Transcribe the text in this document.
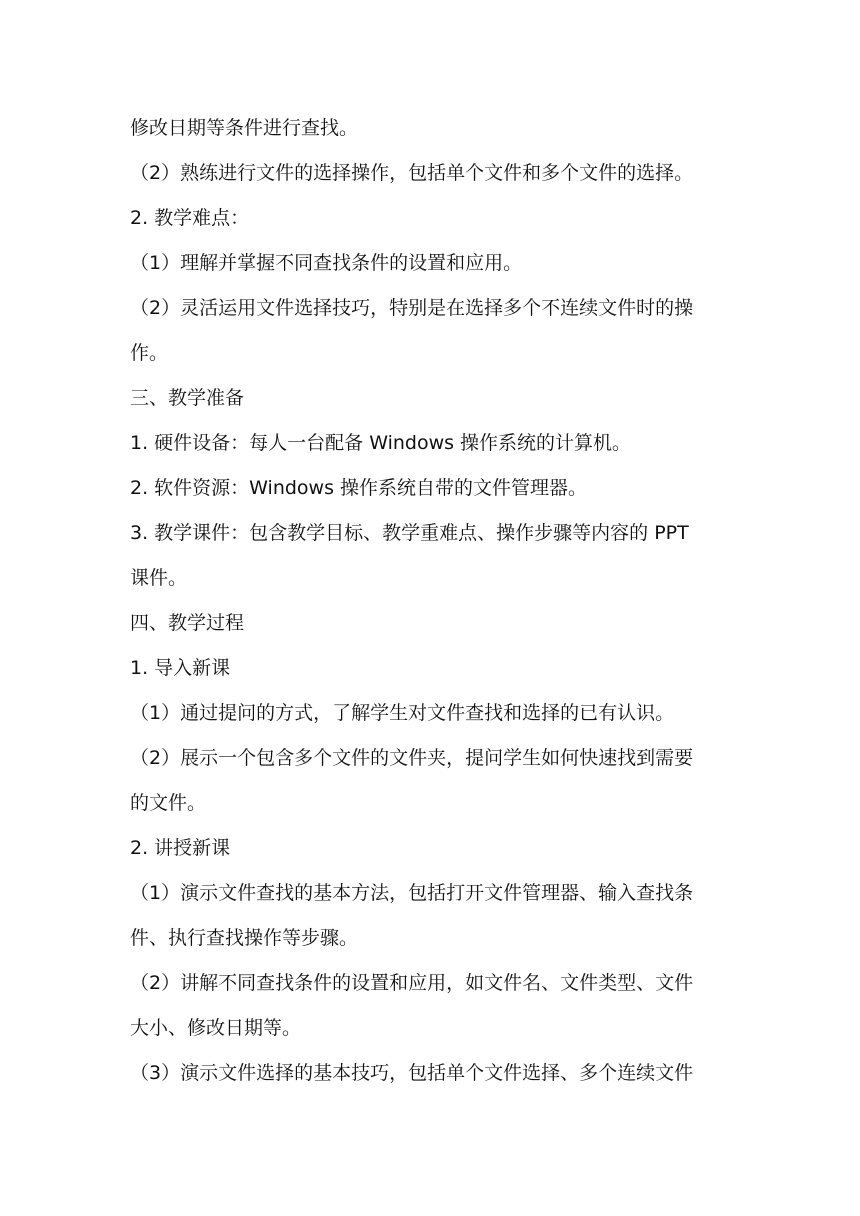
修改日期等条件进行查找。
（2）熟练进行文件的选择操作，包括单个文件和多个文件的选择。
2. 教学难点：
（1）理解并掌握不同查找条件的设置和应用。
（2）灵活运用文件选择技巧，特别是在选择多个不连续文件时的操
作。
三、教学准备
1. 硬件设备：每人一台配备 Windows 操作系统的计算机。
2. 软件资源：Windows 操作系统自带的文件管理器。
3. 教学课件：包含教学目标、教学重难点、操作步骤等内容的 PPT
课件。
四、教学过程
1. 导入新课
（1）通过提问的方式，了解学生对文件查找和选择的已有认识。
（2）展示一个包含多个文件的文件夹，提问学生如何快速找到需要
的文件。
2. 讲授新课
（1）演示文件查找的基本方法，包括打开文件管理器、输入查找条
件、执行查找操作等步骤。
（2）讲解不同查找条件的设置和应用，如文件名、文件类型、文件
大小、修改日期等。
（3）演示文件选择的基本技巧，包括单个文件选择、多个连续文件
